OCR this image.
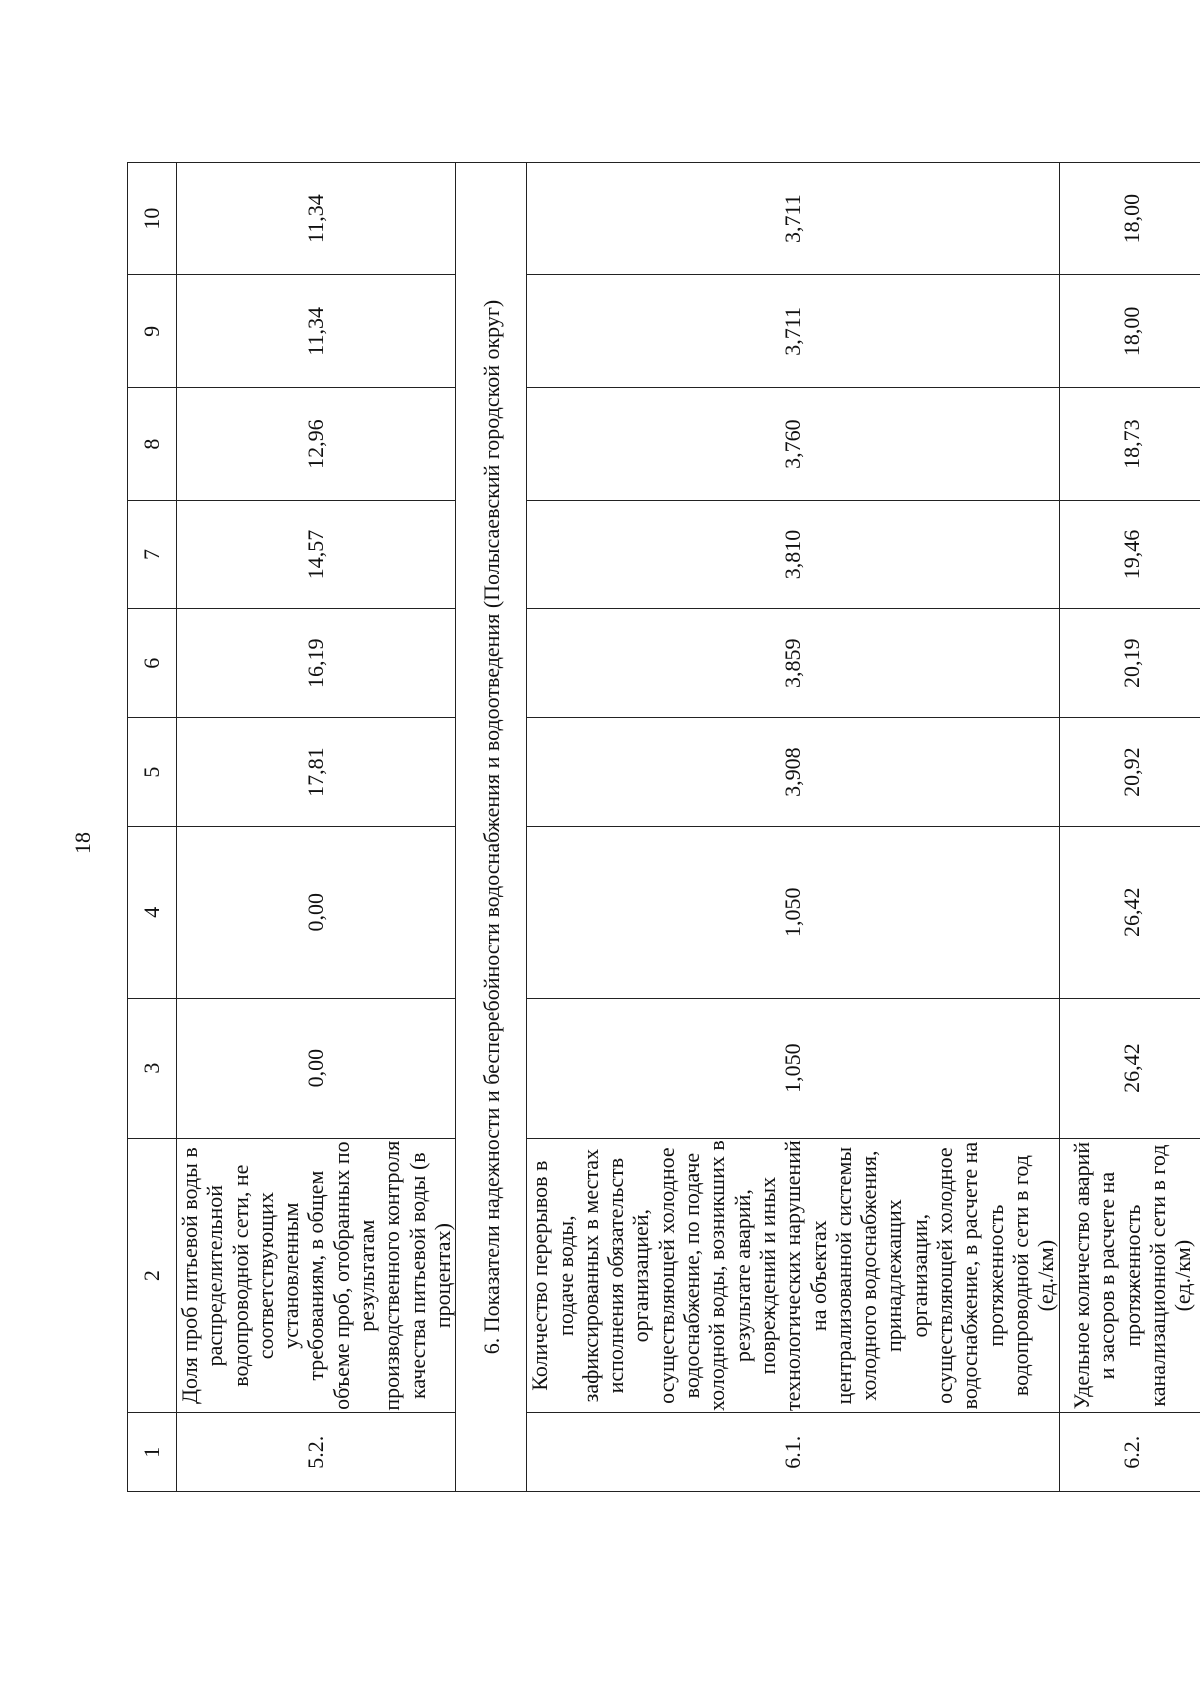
18
1	2	3	4	5	6	7	8	9	10
5.2.	Доля проб питьевой воды в распределительной водопроводной сети, не соответствующих установленным требованиям, в общем объеме проб, отобранных по результатам производственного контроля качества питьевой воды (в процентах)	0,00	0,00	17,81	16,19	14,57	12,96	11,34	11,34
6. Показатели надежности и бесперебойности водоснабжения и водоотведения (Полысаевский городской округ)									
6.1.	Количество перерывов в подаче воды, зафиксированных в местах исполнения обязательств организацией, осуществляющей холодное водоснабжение, по подаче холодной воды, возникших в результате аварий, повреждений и иных технологических нарушений на объектах централизованной системы холодного водоснабжения, принадлежащих организации, осуществляющей холодное водоснабжение, в расчете на протяженность водопроводной сети в год (ед./км)	1,050	1,050	3,908	3,859	3,810	3,760	3,711	3,711
6.2.	Удельное количество аварий и засоров в расчете на протяженность канализационной сети в год (ед./км)	26,42	26,42	20,92	20,19	19,46	18,73	18,00	18,00
